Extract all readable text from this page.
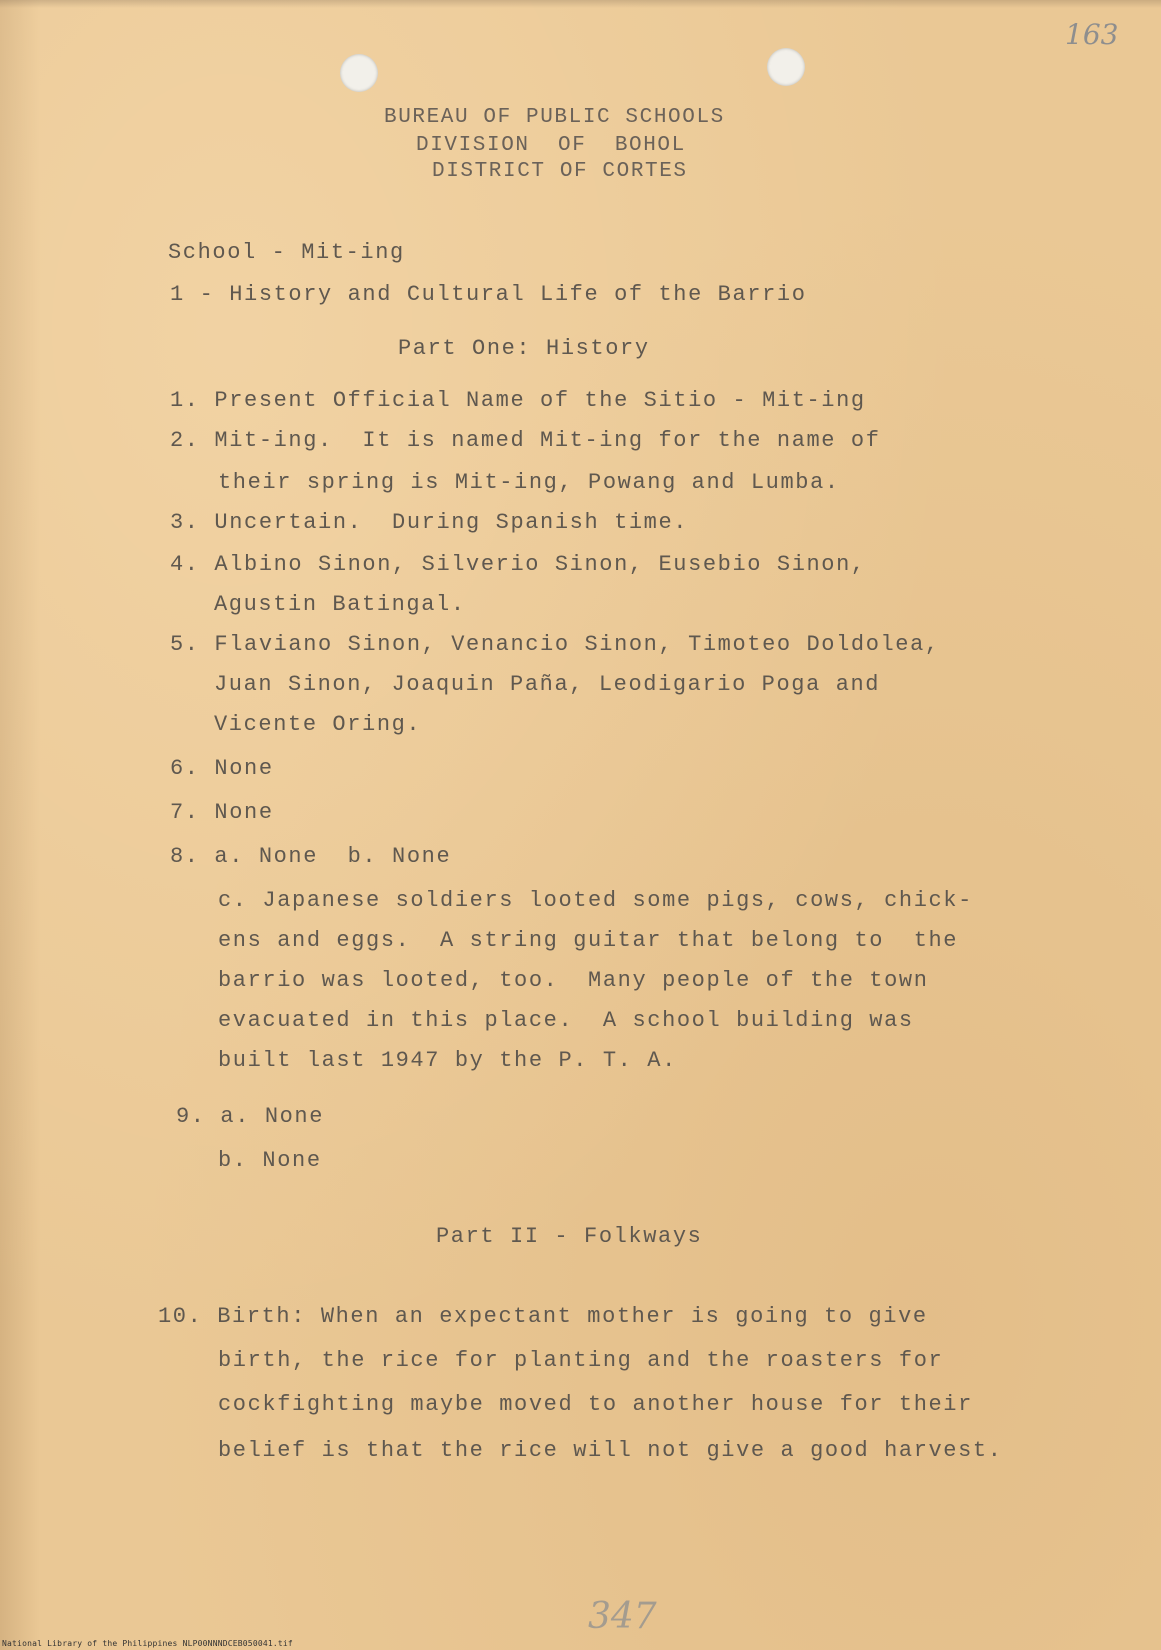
163
BUREAU OF PUBLIC SCHOOLS
DIVISION  OF  BOHOL
DISTRICT OF CORTES
School - Mit-ing
1 - History and Cultural Life of the Barrio
Part One: History
1. Present Official Name of the Sitio - Mit-ing
2. Mit-ing.  It is named Mit-ing for the name of
their spring is Mit-ing, Powang and Lumba.
3. Uncertain.  During Spanish time.
4. Albino Sinon, Silverio Sinon, Eusebio Sinon,
Agustin Batingal.
5. Flaviano Sinon, Venancio Sinon, Timoteo Doldolea,
Juan Sinon, Joaquin Paña, Leodigario Poga and
Vicente Oring.
6. None
7. None
8. a. None  b. None
c. Japanese soldiers looted some pigs, cows, chick-
ens and eggs.  A string guitar that belong to  the
barrio was looted, too.  Many people of the town
evacuated in this place.  A school building was
built last 1947 by the P. T. A.
9. a. None
b. None
Part II - Folkways
10. Birth: When an expectant mother is going to give
birth, the rice for planting and the roasters for
cockfighting maybe moved to another house for their
belief is that the rice will not give a good harvest.
347
National Library of the Philippines NLP00NNNDCEB050041.tif
